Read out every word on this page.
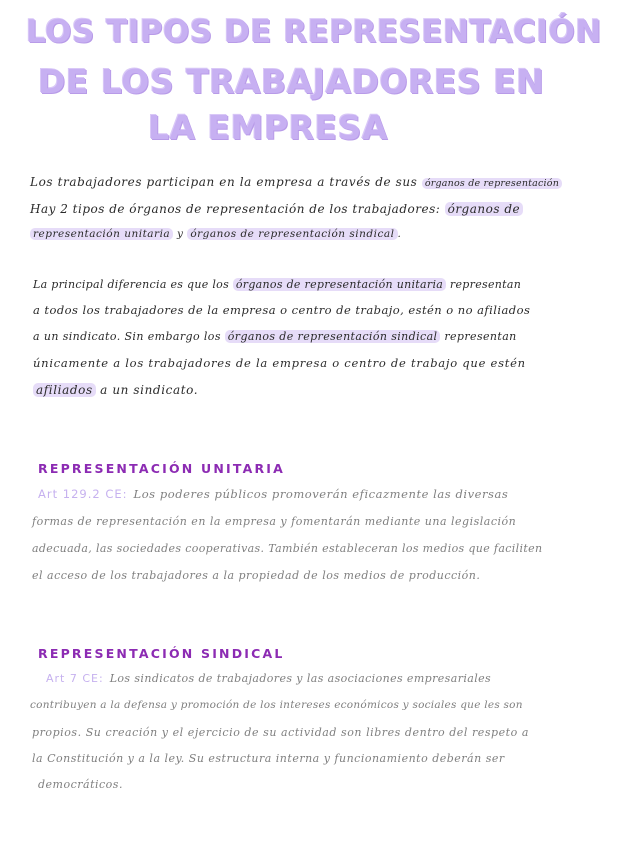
LOS TIPOS DE REPRESENTACIÓN
DE LOS TRABAJADORES EN
LA EMPRESA

Los trabajadores participan en la empresa a través de sus órganos de representación

Hay 2 tipos de órganos de representación de los trabajadores: órganos de

representación unitaria y órganos de representación sindical .

La principal diferencia es que los órganos de representación unitaria representan

a todos los trabajadores de la empresa o centro de trabajo, estén o no afiliados

a un sindicato. Sin embargo los órganos de representación sindical representan

únicamente a los trabajadores de la empresa o centro de trabajo que estén

afiliados a un sindicato.

REPRESENTACIÓN UNITARIA

Art 129.2 CE: Los poderes públicos promoverán eficazmente las diversas

formas de representación en la empresa y fomentarán mediante una legislación

adecuada, las sociedades cooperativas. También estableceran los medios que faciliten

el acceso de los trabajadores a la propiedad de los medios de producción.

REPRESENTACIÓN SINDICAL

Art 7 CE: Los sindicatos de trabajadores y las asociaciones empresariales

contribuyen a la defensa y promoción de los intereses económicos y sociales que les son

propios. Su creación y el ejercicio de su actividad son libres dentro del respeto a

la Constitución y a la ley. Su estructura interna y funcionamiento deberán ser

democráticos.
